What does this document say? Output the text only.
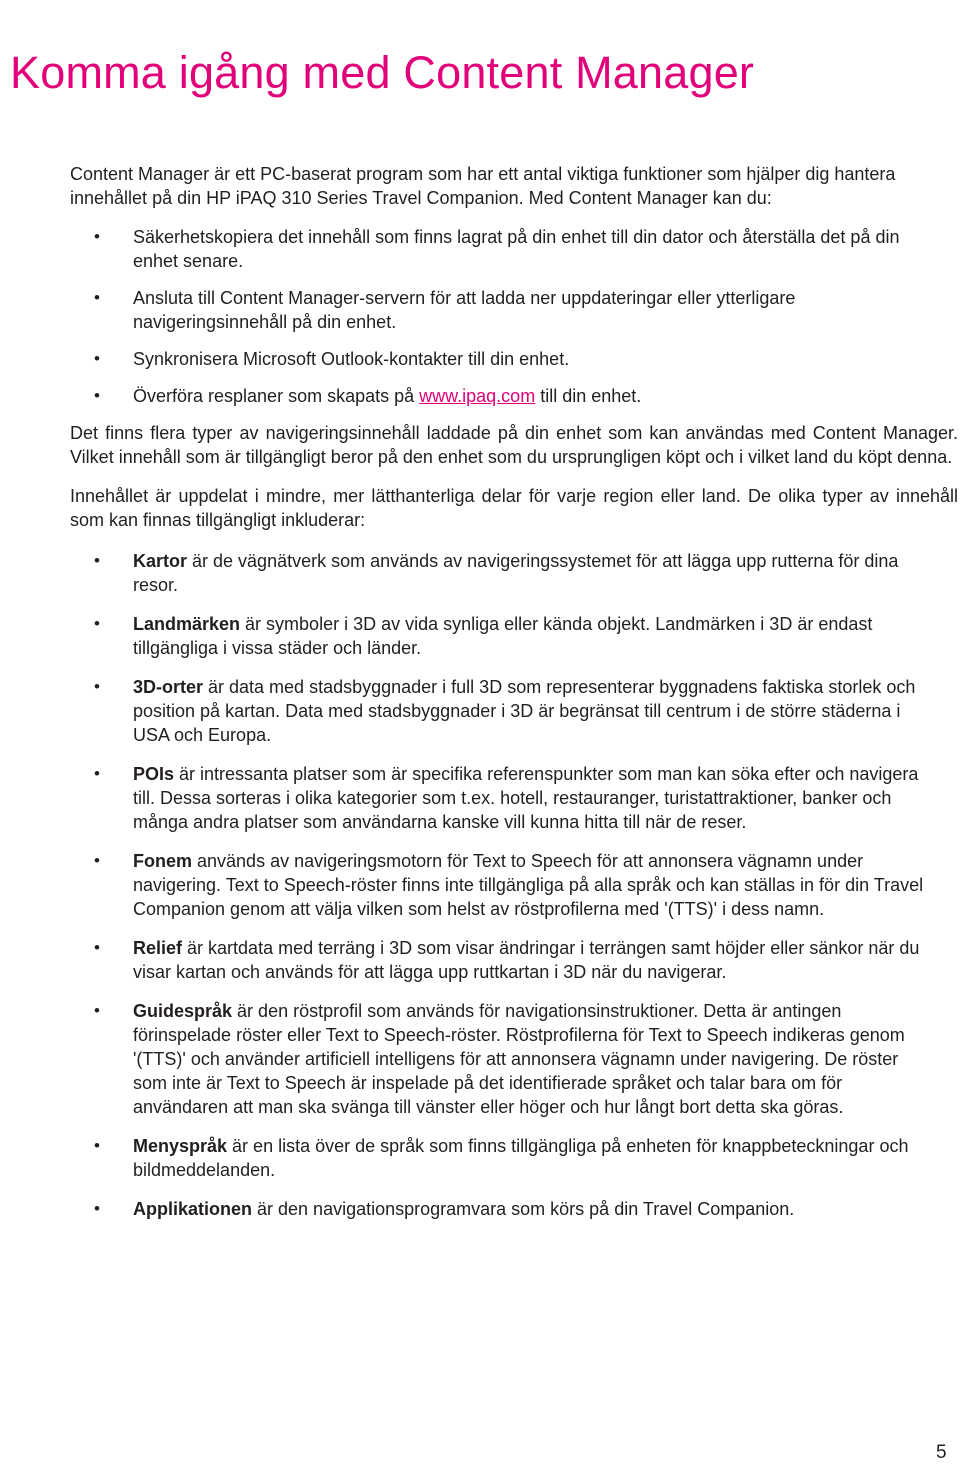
Komma igång med Content Manager

Content Manager är ett PC-baserat program som har ett antal viktiga funktioner som hjälper dig hantera innehållet på din HP iPAQ 310 Series Travel Companion. Med Content Manager kan du:

• Säkerhetskopiera det innehåll som finns lagrat på din enhet till din dator och återställa det på din enhet senare.
• Ansluta till Content Manager-servern för att ladda ner uppdateringar eller ytterligare navigeringsinnehåll på din enhet.
• Synkronisera Microsoft Outlook-kontakter till din enhet.
• Överföra resplaner som skapats på www.ipaq.com till din enhet.

Det finns flera typer av navigeringsinnehåll laddade på din enhet som kan användas med Content Manager. Vilket innehåll som är tillgängligt beror på den enhet som du ursprungligen köpt och i vilket land du köpt denna.

Innehållet är uppdelat i mindre, mer lätthanterliga delar för varje region eller land. De olika typer av innehåll som kan finnas tillgängligt inkluderar:

• Kartor är de vägnätverk som används av navigeringssystemet för att lägga upp rutterna för dina resor.
• Landmärken är symboler i 3D av vida synliga eller kända objekt. Landmärken i 3D är endast tillgängliga i vissa städer och länder.
• 3D-orter är data med stadsbyggnader i full 3D som representerar byggnadens faktiska storlek och position på kartan. Data med stadsbyggnader i 3D är begränsat till centrum i de större städerna i USA och Europa.
• POIs är intressanta platser som är specifika referenspunkter som man kan söka efter och navigera till. Dessa sorteras i olika kategorier som t.ex. hotell, restauranger, turistattraktioner, banker och många andra platser som användarna kanske vill kunna hitta till när de reser.
• Fonem används av navigeringsmotorn för Text to Speech för att annonsera vägnamn under navigering. Text to Speech-röster finns inte tillgängliga på alla språk och kan ställas in för din Travel Companion genom att välja vilken som helst av röstprofilerna med '(TTS)' i dess namn.
• Relief är kartdata med terräng i 3D som visar ändringar i terrängen samt höjder eller sänkor när du visar kartan och används för att lägga upp ruttkartan i 3D när du navigerar.
• Guidespråk är den röstprofil som används för navigationsinstruktioner. Detta är antingen förinspelade röster eller Text to Speech-röster. Röstprofilerna för Text to Speech indikeras genom '(TTS)' och använder artificiell intelligens för att annonsera vägnamn under navigering. De röster som inte är Text to Speech är inspelade på det identifierade språket och talar bara om för användaren att man ska svänga till vänster eller höger och hur långt bort detta ska göras.
• Menyspråk är en lista över de språk som finns tillgängliga på enheten för knappbeteckningar och bildmeddelanden.
• Applikationen är den navigationsprogramvara som körs på din Travel Companion.
5
